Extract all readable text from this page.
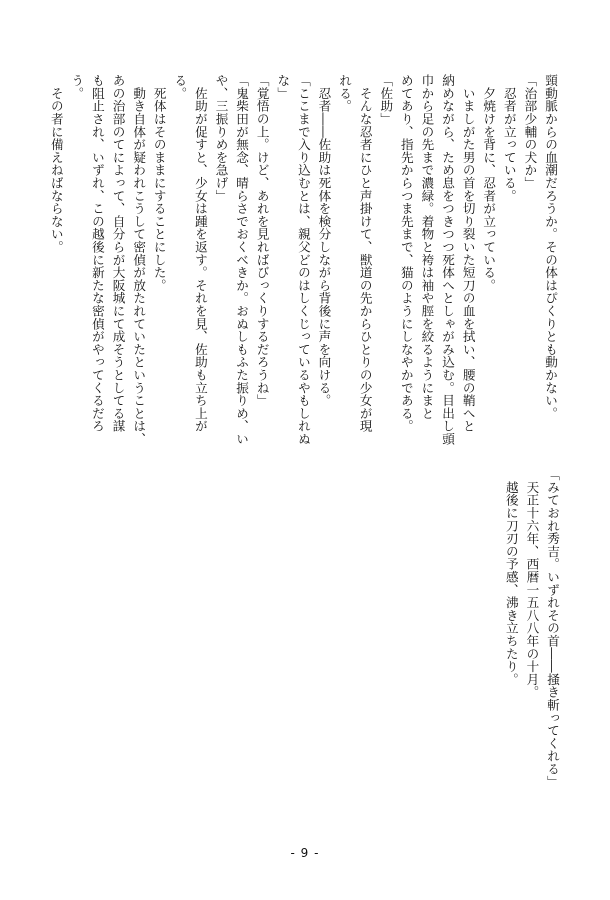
頸動脈からの血潮だろうか。その体はぴくりとも動かない。
「治部少輔の犬か」
　忍者が立っている。
　夕焼けを背に、忍者が立っている。
　いましがた男の首を切り裂いた短刀の血を拭い、腰の鞘へと
納めながら、ため息をつきつつ死体へとしゃがみ込む。目出し頭
巾から足の先まで濃緑。着物と袴は袖や脛を絞るようにまと
めてあり、指先からつま先まで、猫のようにしなやかである。
「佐助」
　そんな忍者にひと声掛けて、獣道の先からひとりの少女が現
れる。
　忍者――佐助は死体を検分しながら背後に声を向ける。
「ここまで入り込むとは、親父どのはしくじっているやもしれぬ
な」
「覚悟の上。けど、あれを見ればびっくりするだろうね」
「鬼柴田が無念、晴らさでおくべきか。おぬしもふた振りめ、い
や、三振りめを急げ」
　佐助が促すと、少女は踵を返す。それを見、佐助も立ち上が
る。
　死体はそのままにすることにした。
　動き自体が疑われこうして密偵が放たれていたということは、
あの治部のてによって、自分らが大阪城にて成そうとしてる謀
も阻止され、いずれ、この越後に新たな密偵がやってくるだろ
う。
　その者に備えねばならない。
「みておれ秀吉。いずれその首――掻き斬ってくれる」
　天正十六年、西暦一五八八年の十月。
　越後に刀刃の予感、沸き立ちたり。
- 9 -
